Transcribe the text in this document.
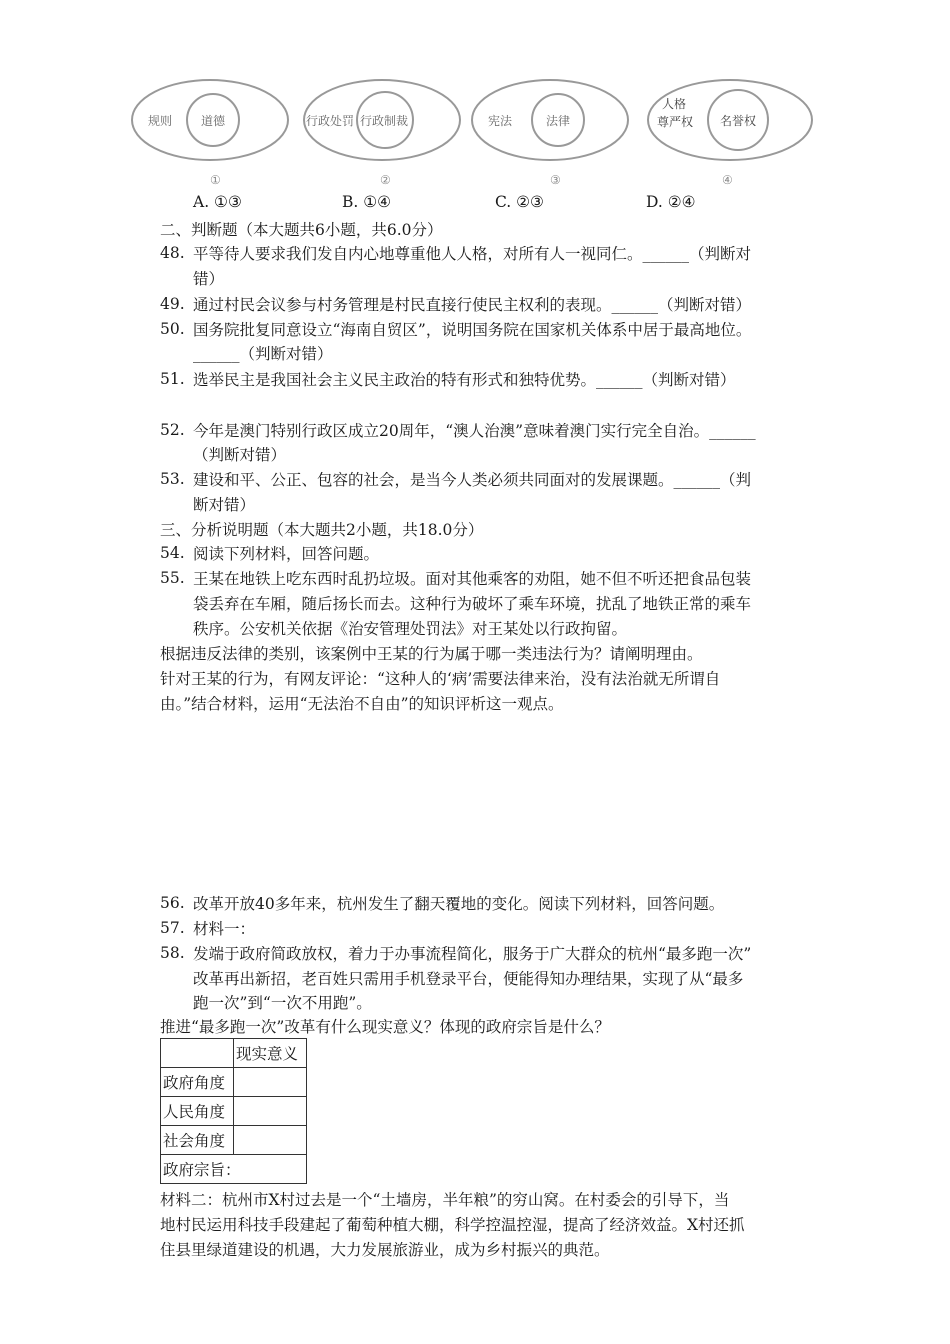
规则 道德
①
行政处罚 行政制裁
②
宪法	法律
③
人格
尊严权 名誉权
④
A. ①③	B. ①④	C. ②③	D. ②④
二、判断题（本大题共6小题，共6.0分）
48. 平等待人要求我们发自内心地尊重他人人格，对所有人一视同仁。______（判断对
错）
49. 通过村民会议参与村务管理是村民直接行使民主权利的表现。______（判断对错）
50. 国务院批复同意设立“海南自贸区”，说明国务院在国家机关体系中居于最高地位。
______（判断对错）
51. 选举民主是我国社会主义民主政治的特有形式和独特优势。______（判断对错）
52. 今年是澳门特别行政区成立20周年，“澳人治澳”意味着澳门实行完全自治。______
（判断对错）
53. 建设和平、公正、包容的社会，是当今人类必须共同面对的发展课题。______（判
断对错）
三、分析说明题（本大题共2小题，共18.0分）
54. 阅读下列材料，回答问题。
55. 王某在地铁上吃东西时乱扔垃圾。面对其他乘客的劝阻，她不但不听还把食品包装
袋丢弃在车厢，随后扬长而去。这种行为破坏了乘车环境，扰乱了地铁正常的乘车
秩序。公安机关依据《治安管理处罚法》对王某处以行政拘留。
根据违反法律的类别，该案例中王某的行为属于哪一类违法行为？请阐明理由。
针对王某的行为，有网友评论：“这种人的‘病’需要法律来治，没有法治就无所谓自
由。”结合材料，运用“无法治不自由”的知识评析这一观点。
56. 改革开放40多年来，杭州发生了翻天覆地的变化。阅读下列材料，回答问题。
57. 材料一：
58. 发端于政府简政放权，着力于办事流程简化，服务于广大群众的杭州“最多跑一次”
改革再出新招，老百姓只需用手机登录平台，便能得知办理结果，实现了从“最多
跑一次”到“一次不用跑”。
推进“最多跑一次”改革有什么现实意义？体现的政府宗旨是什么？
	现实意义
政府角度	
人民角度	
社会角度	
政府宗旨：	
材料二：杭州市X村过去是一个“土墙房，半年粮”的穷山窝。在村委会的引导下，当
地村民运用科技手段建起了葡萄种植大棚，科学控温控湿，提高了经济效益。X村还抓
住县里绿道建设的机遇，大力发展旅游业，成为乡村振兴的典范。
